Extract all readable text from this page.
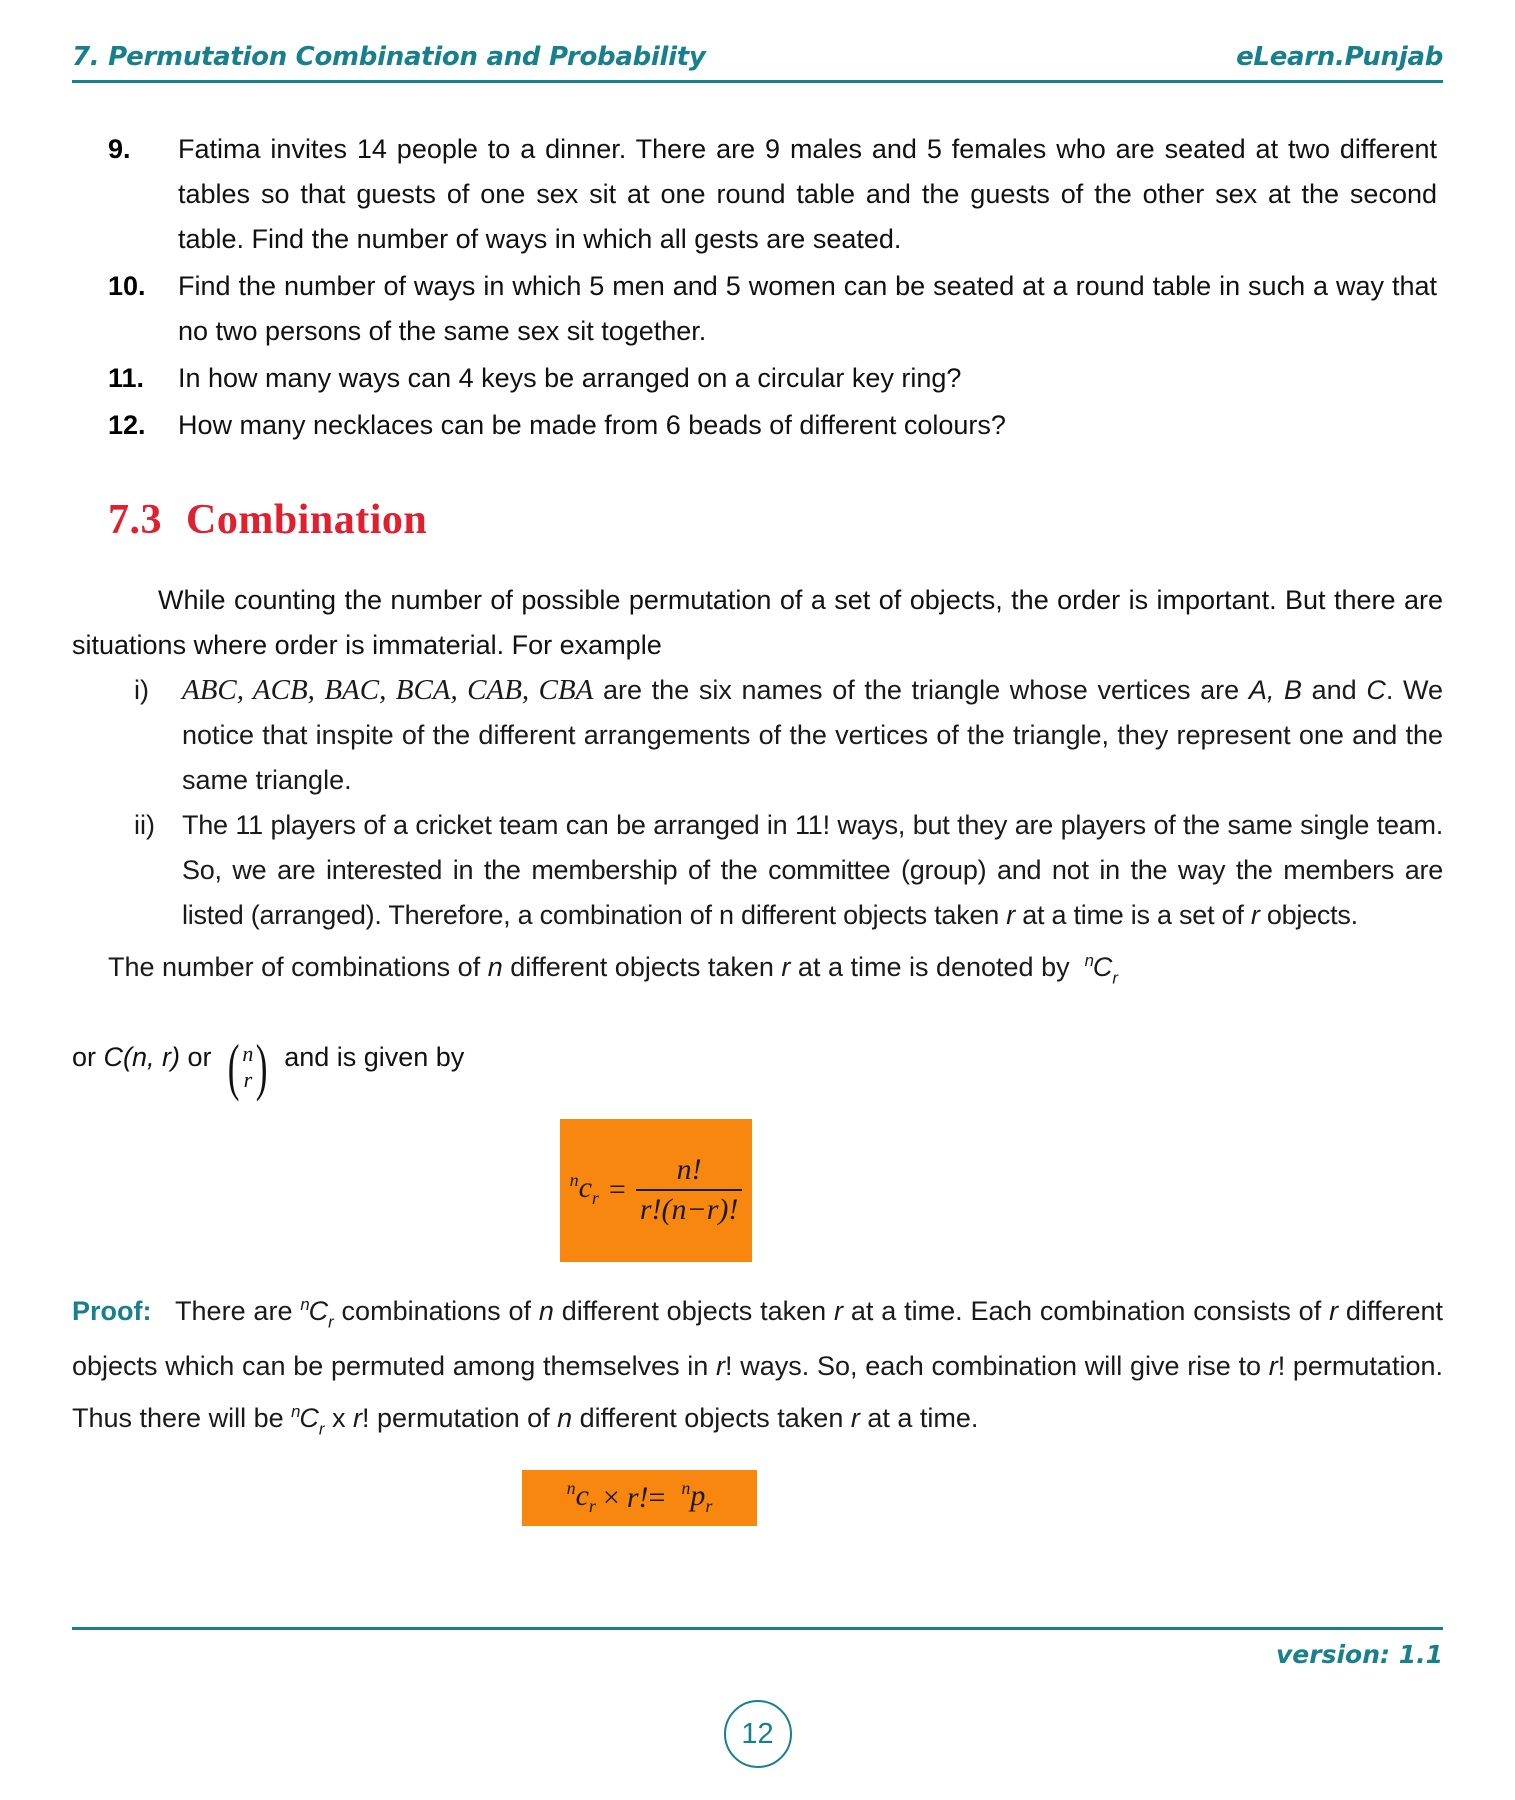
7. Permutation Combination and Probability	eLearn.Punjab
9.	Fatima invites 14 people to a dinner. There are 9 males and 5 females who are seated at two different tables so that guests of one sex sit at one round table and the guests of the other sex at the second table. Find the number of ways in which all gests are seated.
10.	Find the number of ways in which 5 men and 5 women can be seated at a round table in such a way that no two persons of the same sex sit together.
11.	In how many ways can 4 keys be arranged on a circular key ring?
12.	How many necklaces can be made from 6 beads of different colours?
7.3 Combination

While counting the number of possible permutation of a set of objects, the order is important. But there are situations where order is immaterial. For example

i)	ABC, ACB, BAC, BCA, CAB, CBA are the six names of the triangle whose vertices are A, B and C. We notice that inspite of the different arrangements of the vertices of the triangle, they represent one and the same triangle.
ii)	The 11 players of a cricket team can be arranged in 11! ways, but they are players of the same single team. So, we are interested in the membership of the committee (group) and not in the way the members are listed (arranged). Therefore, a combination of n different objects taken r at a time is a set of r objects.
The number of combinations of n different objects taken r at a time is denoted by $^nC_r$

or C(n, r) or ( n
r ) and is given by

$^nc_r = \frac{n!}{r!(n-r)!}$

Proof: There are $^nC_r$ combinations of n different objects taken r at a time. Each combination consists of r different objects which can be permuted among themselves in r! ways. So, each combination will give rise to r! permutation. Thus there will be $^nC_r$ x r! permutation of n different objects taken r at a time.

$^nc_r \times r$! = $^np_r$
version: 1.1
12
